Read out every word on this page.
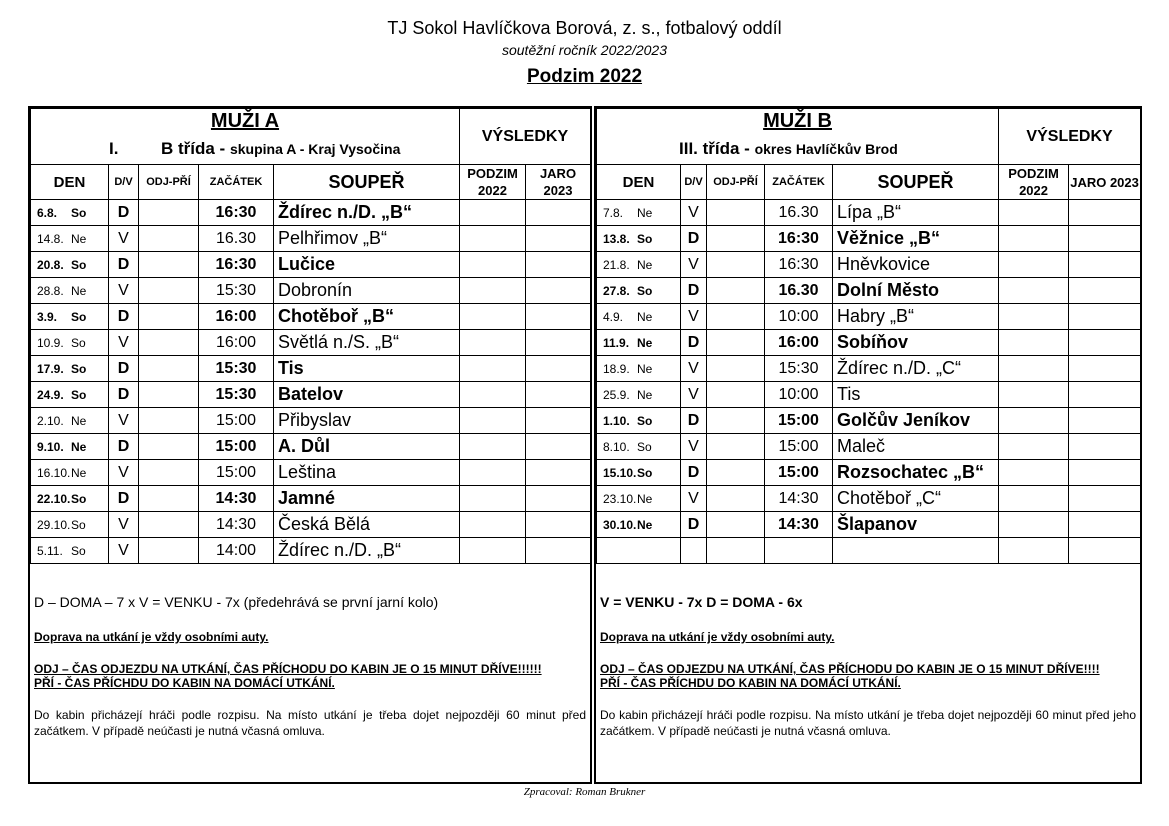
TJ Sokol Havlíčkova Borová, z. s., fotbalový oddíl
soutěžní ročník 2022/2023
Podzim 2022
MUŽI A					VÝSLEDKY	
I. B třída - skupina A - Kraj Vysočina						
DEN	D/V	ODJ-PŘÍ	ZAČÁTEK	SOUPEŘ	PODZIM 2022	JARO 2023
6.8. So	D		16:30	Ždírec n./D. „B“		
14.8. Ne	V		16.30	Pelhřimov „B“		
20.8. So	D		16:30	Lučice		
28.8. Ne	V		15:30	Dobronín		
3.9. So	D		16:00	Chotěboř „B“		
10.9. So	V		16:00	Světlá n./S. „B“		
17.9. So	D		15:30	Tis		
24.9. So	D		15:30	Batelov		
2.10. Ne	V		15:00	Přibyslav		
9.10. Ne	D		15:00	A. Důl		
16.10.Ne	V		15:00	Leština		
22.10.So	D		14:30	Jamné		
29.10.So	V		14:30	Česká Bělá		
5.11. So	V		14:00	Ždírec n./D. „B“		
D – DOMA – 7 x V = VENKU - 7x (předehrává se první jarní kolo)
Doprava na utkání je vždy osobními auty.
ODJ – ČAS ODJEZDU NA UTKÁNÍ, ČAS PŘÍCHODU DO KABIN JE O 15 MINUT DŘÍVE!!!!!!
PŘÍ - ČAS PŘÍCHDU DO KABIN NA DOMÁCÍ UTKÁNÍ.
Do kabin přicházejí hráči podle rozpisu. Na místo utkání je třeba dojet nejpozději 60 minut před začátkem. V případě neúčasti je nutná včasná omluva.
MUŽI B					VÝSLEDKY	
III. třída - okres Havlíčkův Brod						
DEN	D/V	ODJ-PŘÍ	ZAČÁTEK	SOUPEŘ	PODZIM 2022	JARO 2023
7.8. Ne	V		16.30	Lípa „B“		
13.8. So	D		16:30	Věžnice „B“		
21.8. Ne	V		16:30	Hněvkovice		
27.8. So	D		16.30	Dolní Město		
4.9. Ne	V		10:00	Habry „B“		
11.9. Ne	D		16:00	Sobíňov		
18.9. Ne	V		15:30	Ždírec n./D. „C“		
25.9. Ne	V		10:00	Tis		
1.10. So	D		15:00	Golčův Jeníkov		
8.10. So	V		15:00	Maleč		
15.10.So	D		15:00	Rozsochatec „B“		
23.10.Ne	V		14:30	Chotěboř „C“		
30.10.Ne	D		14:30	Šlapanov		

V = VENKU - 7x D = DOMA - 6x
Doprava na utkání je vždy osobními auty.
ODJ – ČAS ODJEZDU NA UTKÁNÍ, ČAS PŘÍCHODU DO KABIN JE O 15 MINUT DŘÍVE!!!!
PŘÍ - ČAS PŘÍCHDU DO KABIN NA DOMÁCÍ UTKÁNÍ.
Do kabin přicházejí hráči podle rozpisu. Na místo utkání je třeba dojet nejpozději 60 minut před jeho začátkem. V případě neúčasti je nutná včasná omluva.
Zpracoval: Roman Brukner
